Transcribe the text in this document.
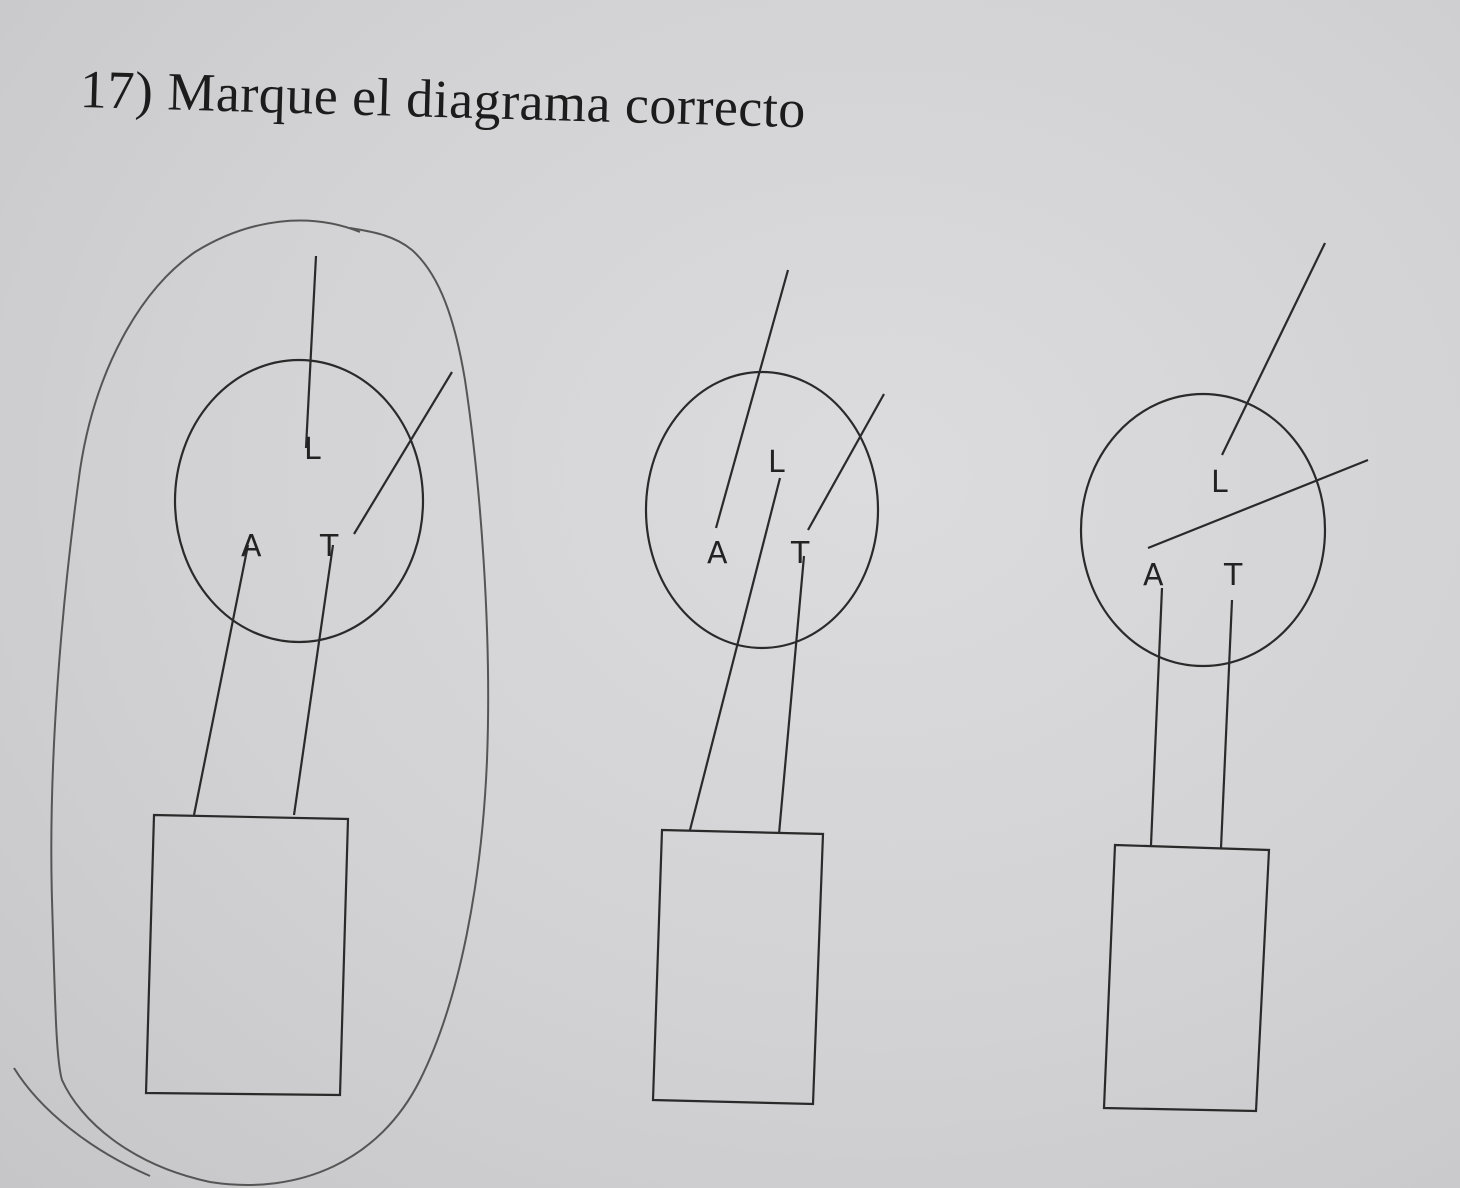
17) Marque el diagrama correcto
L
A T
L
A T
L
A T
